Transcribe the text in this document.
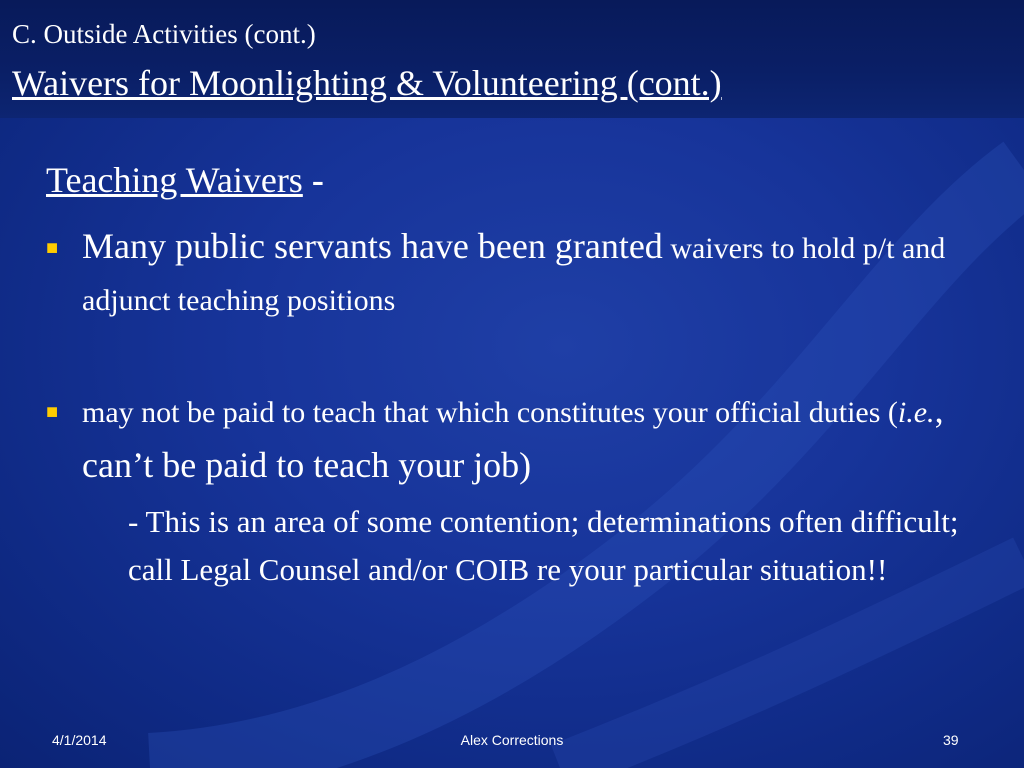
C. Outside Activities (cont.)
Waivers for Moonlighting & Volunteering (cont.)
Teaching Waivers -
■ Many public servants have been granted waivers to hold p/t and adjunct teaching positions
■ may not be paid to teach that which constitutes your official duties (i.e., can’t be paid to teach your job)
- This is an area of some contention; determinations often difficult; call Legal Counsel and/or COIB re your particular situation!!
4/1/2014	Alex Corrections	39
